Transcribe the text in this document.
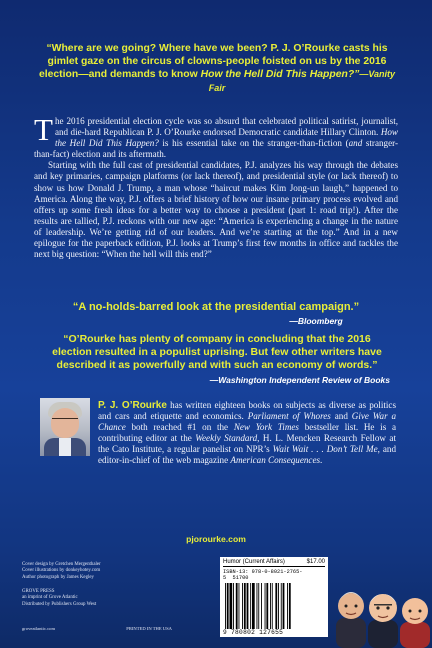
“Where are we going? Where have we been? P. J. O’Rourke casts his gimlet gaze on the circus of clowns-people foisted on us by the 2016 election—and demands to know How the Hell Did This Happen?”—Vanity Fair

The 2016 presidential election cycle was so absurd that celebrated political satirist, journalist, and die-hard Republican P. J. O’Rourke endorsed Democratic candidate Hillary Clinton. How the Hell Did This Happen? is his essential take on the stranger-than-fiction (and stranger-than-fact) election and its aftermath.

Starting with the full cast of presidential candidates, P.J. analyzes his way through the debates and key primaries, campaign platforms (or lack thereof), and presidential style (or lack thereof) to show us how Donald J. Trump, a man whose “haircut makes Kim Jong-un laugh,” happened to America. Along the way, P.J. offers a brief history of how our insane primary process evolved and offers up some fresh ideas for a better way to choose a president (part 1: road trip!). After the results are tallied, P.J. reckons with our new age: “America is experiencing a change in the nature of leadership. We’re getting rid of our leaders. And we’re starting at the top.” And in a new epilogue for the paperback edition, P.J. looks at Trump’s first few months in office and tackles the next big question: “When the hell will this end?”

“A no-holds-barred look at the presidential campaign.”
—Bloomberg
“O’Rourke has plenty of company in concluding that the 2016 election resulted in a populist uprising. But few other writers have described it as powerfully and with such an economy of words.”
—Washington Independent Review of Books
P. J. O’Rourke has written eighteen books on subjects as diverse as politics and cars and etiquette and economics. Parliament of Whores and Give War a Chance both reached #1 on the New York Times bestseller list. He is a contributing editor at the Weekly Standard, H. L. Mencken Research Fellow at the Cato Institute, a regular panelist on NPR’s Wait Wait . . . Don’t Tell Me, and editor-in-chief of the web magazine American Consequences.
pjorourke.com
Cover design by Gretchen Mergenthaler
Cover illustrations by donkeyhotey.com
Author photograph by James Kegley
GROVE PRESS
an imprint of Grove Atlantic
Distributed by Publishers Group West
groveatlantic.com	PRINTED IN THE USA
Humor (Current Affairs)	$17.00
ISBN-13: 978-0-8021-2765-5 51700
9 780802 127655
